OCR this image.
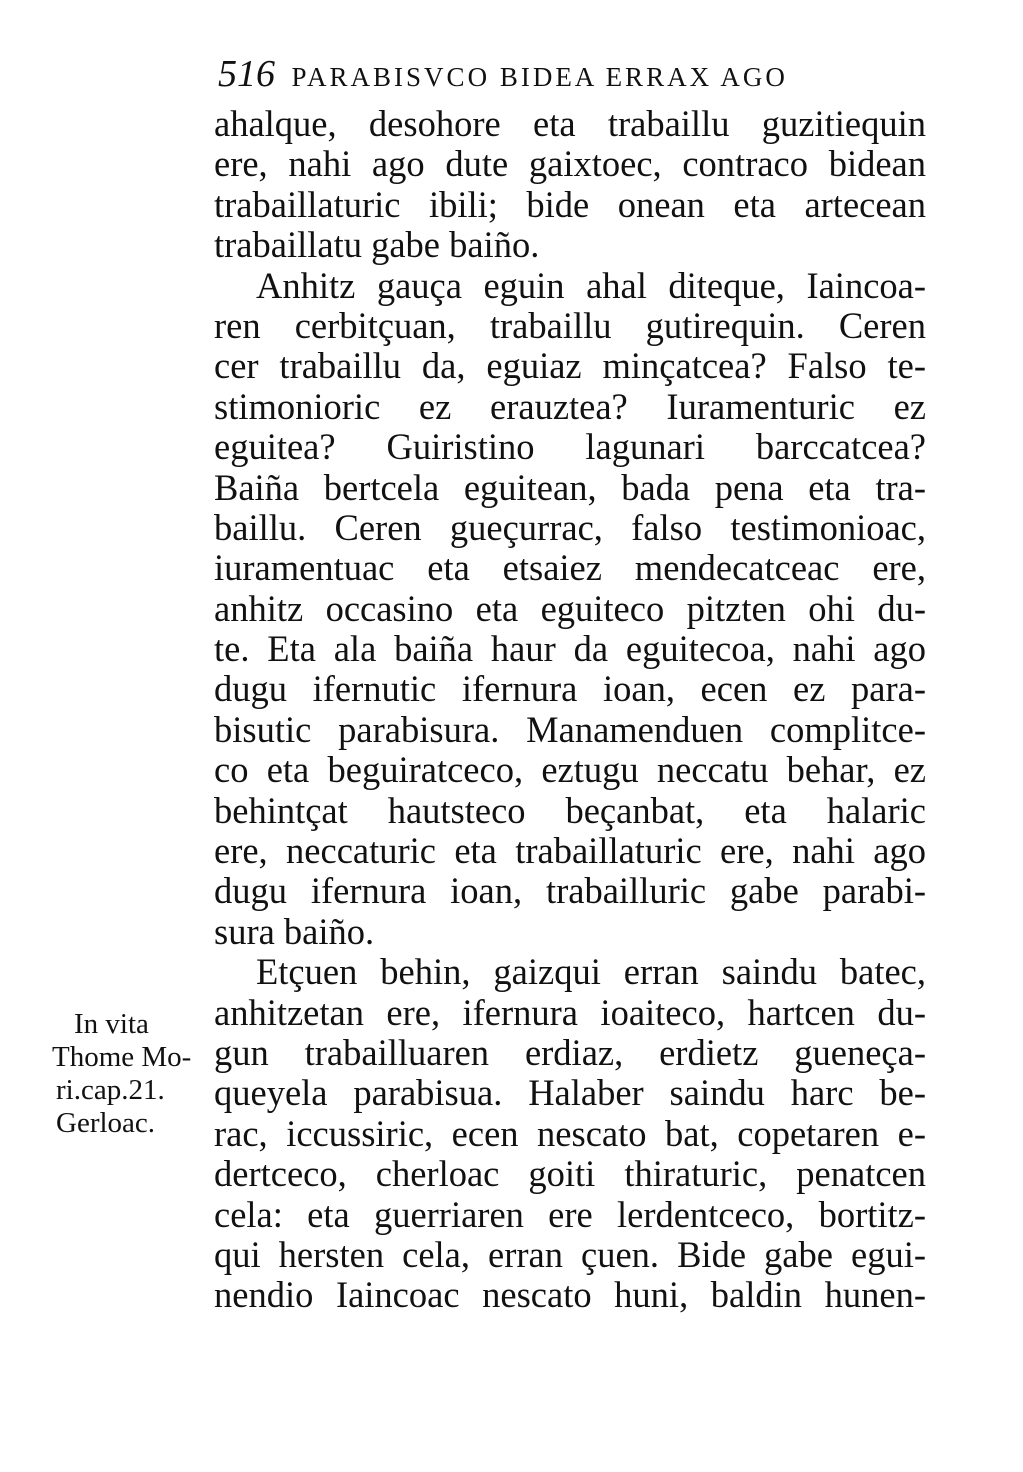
516 PARABISVCO BIDEA ERRAX AGO
ahalque, desohore eta trabaillu guzitiequin
ere, nahi ago dute gaixtoec, contraco bidean
trabaillaturic ibili; bide onean eta artecean
trabaillatu gabe baiño.
Anhitz gauça eguin ahal diteque, Iaincoa-
ren cerbitçuan, trabaillu gutirequin. Ceren
cer trabaillu da, eguiaz minçatcea? Falso te-
stimonioric ez erauztea? Iuramenturic ez
eguitea? Guiristino lagunari barccatcea?
Baiña bertcela eguitean, bada pena eta tra-
baillu. Ceren gueçurrac, falso testimonioac,
iuramentuac eta etsaiez mendecatceac ere,
anhitz occasino eta eguiteco pitzten ohi du-
te. Eta ala baiña haur da eguitecoa, nahi ago
dugu ifernutic ifernura ioan, ecen ez para-
bisutic parabisura. Manamenduen complitce-
co eta beguiratceco, eztugu neccatu behar, ez
behintçat hautsteco beçanbat, eta halaric
ere, neccaturic eta trabaillaturic ere, nahi ago
dugu ifernura ioan, trabailluric gabe parabi-
sura baiño.
Etçuen behin, gaizqui erran saindu batec,
anhitzetan ere, ifernura ioaiteco, hartcen du-
gun trabailluaren erdiaz, erdietz gueneça-
queyela parabisua. Halaber saindu harc be-
rac, iccussiric, ecen nescato bat, copetaren e-
dertceco, cherloac goiti thiraturic, penatcen
cela: eta guerriaren ere lerdentceco, bortitz-
qui hersten cela, erran çuen. Bide gabe egui-
nendio Iaincoac nescato huni, baldin hunen-
In vita
Thome Mo-
ri.cap.21.
Gerloac.
